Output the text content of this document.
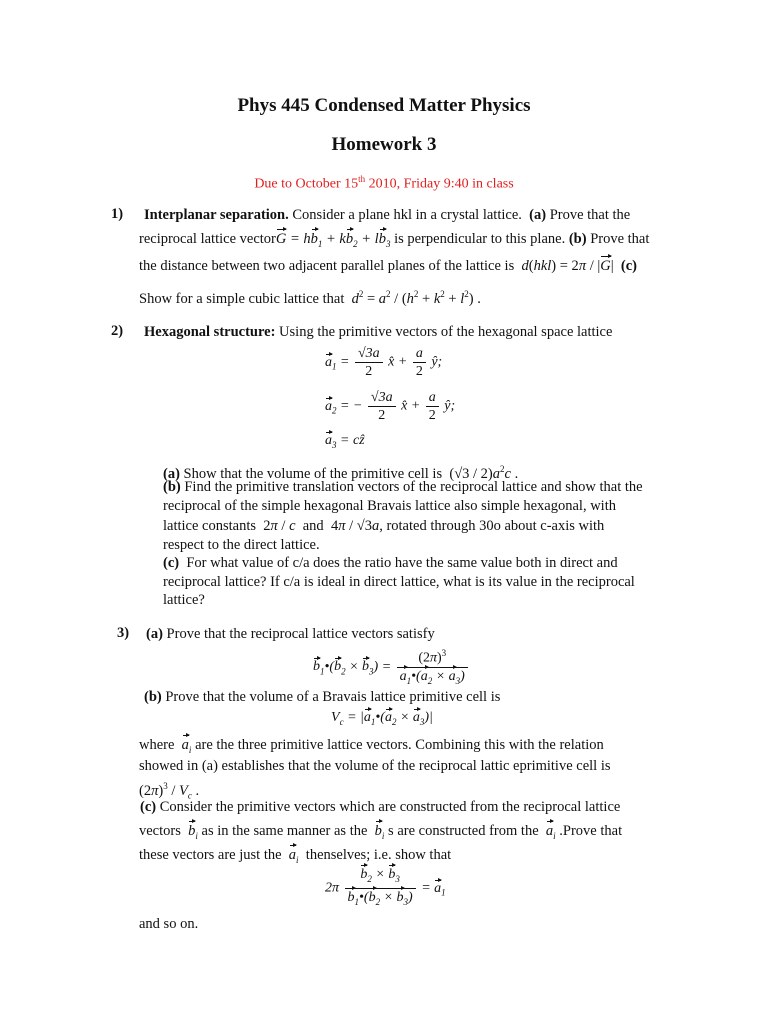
Phys 445 Condensed Matter Physics
Homework 3
Due to October 15th 2010, Friday 9:40 in class
1) Interplanar separation. Consider a plane hkl in a crystal lattice. (a) Prove that the
reciprocal lattice vectorG = $hb_1 + kb_2 + lb_3$ is perpendicular to this plane. (b) Prove that
the distance between two adjacent parallel planes of the lattice is d(hkl) = 2π / |G|  (c)
Show for a simple cubic lattice that $d^2 = a^2 / (h^2 + k^2 + l^2)$ .
2) Hexagonal structure: Using the primitive vectors of the hexagonal space lattice
$a_1 = \frac{√3a}{2}$ x̂ + $\frac{a}{2}$ ŷ;
$a_2$ = − $\frac{√3a}{2}$ x̂ + $\frac{a}{2}$ ŷ;
$a_3$ = cẑ
(a) Show that the volume of the primitive cell is  $(√3 / 2)a^2c$ .
(b) Find the primitive translation vectors of the reciprocal lattice and show that the
reciprocal of the simple hexagonal Bravais lattice also simple hexagonal, with
lattice constants  2π / c and  4π / √3a, rotated through 30o about c-axis with
respect to the direct lattice.
(c) For what value of c/a does the ratio have the same value both in direct and
reciprocal lattice? If c/a is ideal in direct lattice, what is its value in the reciprocal
lattice?
3) (a) Prove that the reciprocal lattice vectors satisfy
$b_1•(b_2 \times b_3) = \frac{(2\pi)^3}{a_1•(a_2 \times a_3)}$
(b) Prove that the volume of a Bravais lattice primitive cell is
$V_c$ = $|a_1•(a_2 \times a_3)|$
where $a_i$ are the three primitive lattice vectors. Combining this with the relation
showed in (a) establishes that the volume of the reciprocal lattic eprimitive cell is
$(2\pi)^3 / V_c$ .
(c) Consider the primitive vectors which are constructed from the reciprocal lattice
vectors $b_i$ as in the same manner as the $b_i$ s are constructed from the $a_i$ .Prove that
these vectors are just the $a_i$ thenselves; i.e. show that
$2\pi \frac{b_2 \times b_3}{b_1•(b_2 \times b_3)} = a_1$
and so on.
